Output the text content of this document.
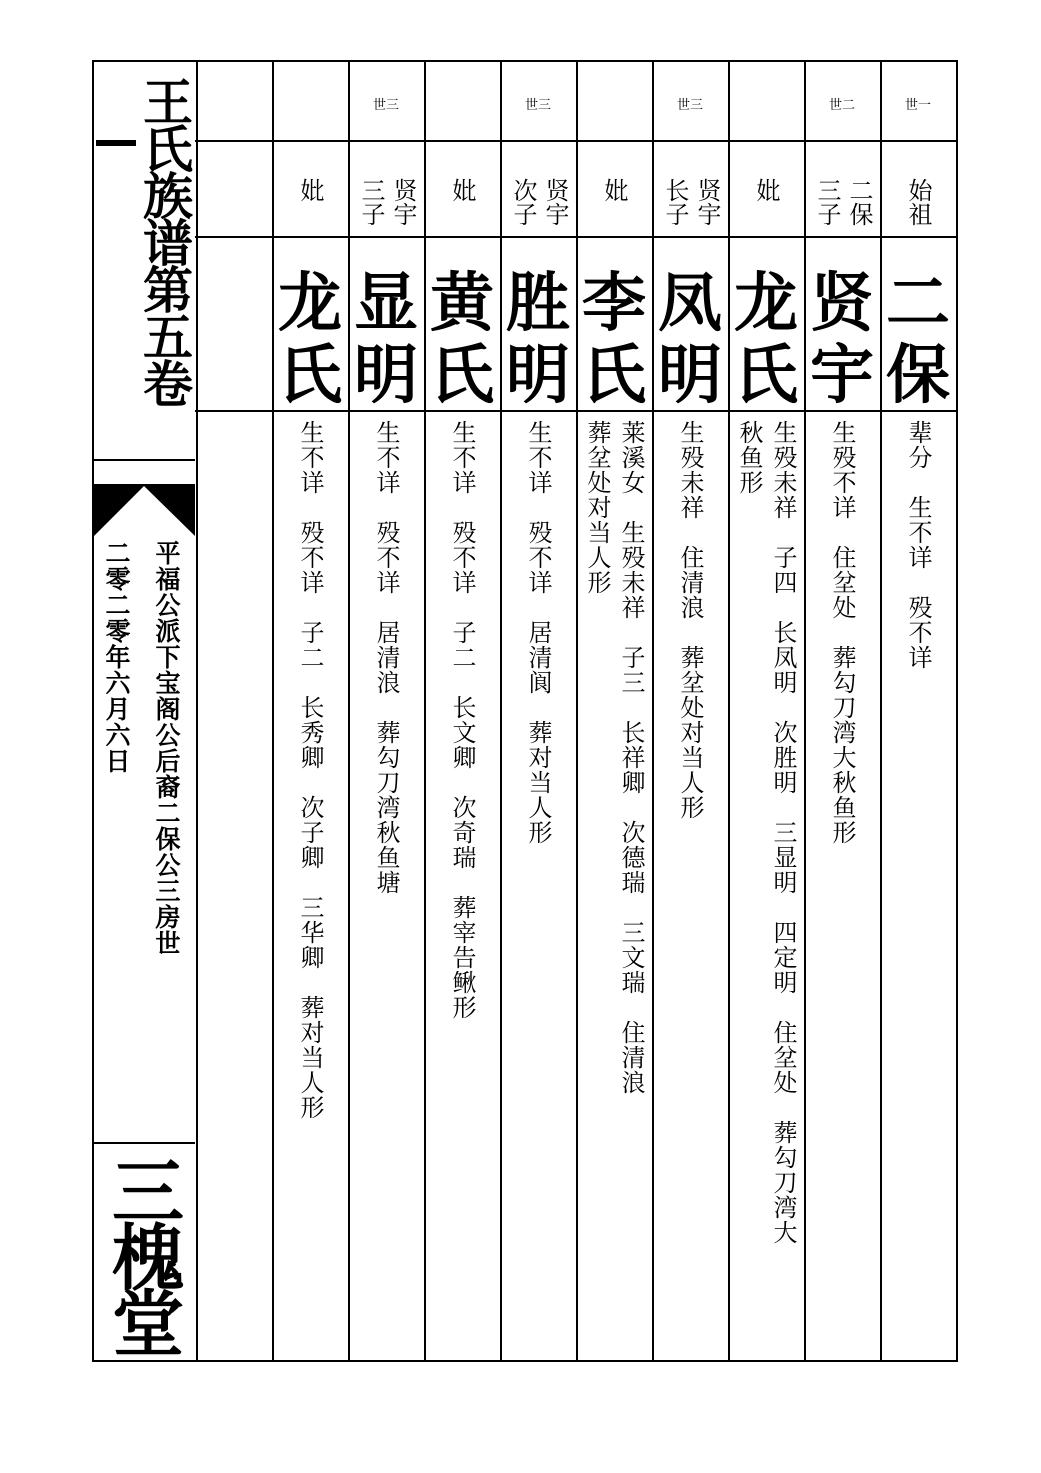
王氏族谱第五卷
平福公派下宝阁公后裔二保公三房世
二零二零年六月六日
三槐堂
世一
始祖
二
保
辈分　生不详　殁不详
世二
二保
三子
贤
宇
生殁不详　住坌处　葬勾刀湾大秋鱼形
妣
龙
氏
生殁未祥　子四　长凤明　次胜明　三显明　四定明　住坌处　葬勾刀湾大
秋鱼形
世三
贤宇
长子
凤
明
生殁未祥　住清浪　葬坌处对当人形
妣
李
氏
莱溪女　生殁未祥　子三　长祥卿　次德瑞　三文瑞　住清浪
葬坌处对当人形
世三
贤宇
次子
胜
明
生不详　殁不详　居清阆　葬对当人形
妣
黄
氏
生不详　殁不详　子二　长文卿　次奇瑞　葬宰告鳅形
世三
贤宇
三子
显
明
生不详　殁不详　居清浪　葬勾刀湾秋鱼塘
妣
龙
氏
生不详　殁不详　子二　长秀卿　次子卿　三华卿　葬对当人形
